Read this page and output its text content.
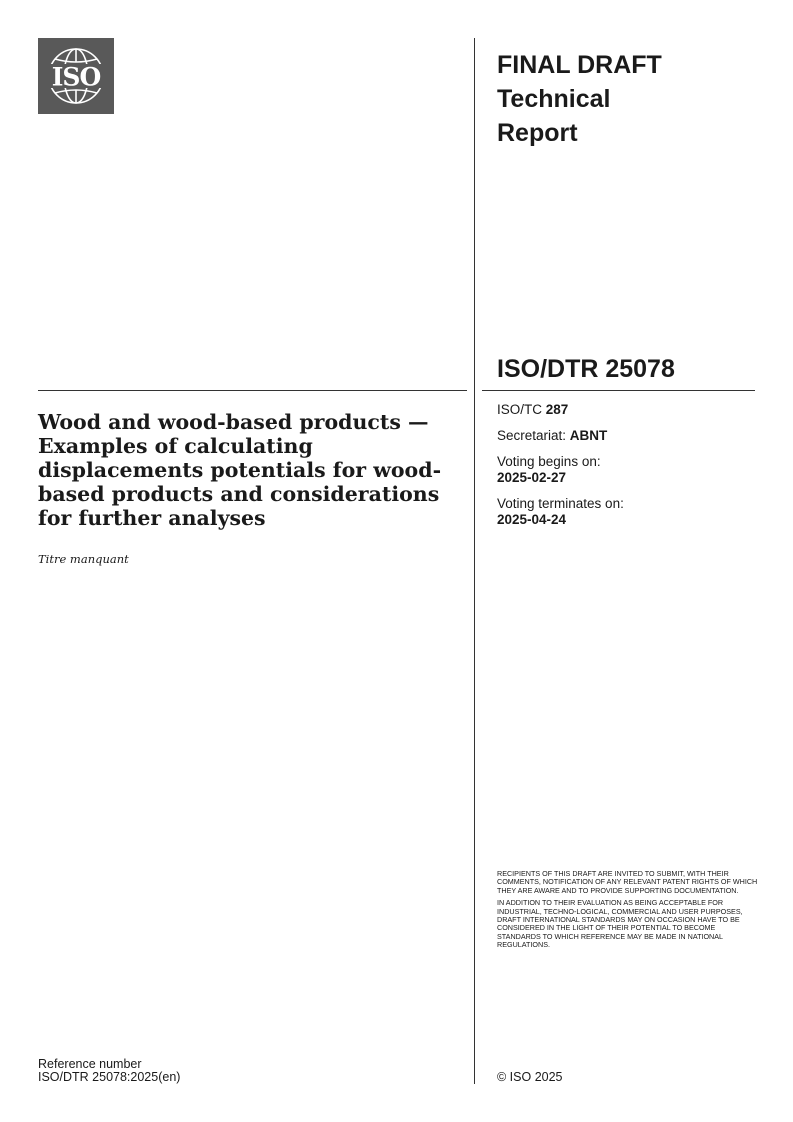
ISO	FINAL DRAFT
Technical Report
ISO/DTR 25078
ISO/TC 287
Secretariat: ABNT
Voting begins on:
2025-02-27
Voting terminates on:
2025-04-24
Wood and wood-based products — Examples of calculating displacements potentials for wood-based products and considerations for further analyses
Titre manquant

RECIPIENTS OF THIS DRAFT ARE INVITED TO SUBMIT, WITH THEIR COMMENTS, NOTIFICATION OF ANY RELEVANT PATENT RIGHTS OF WHICH THEY ARE AWARE AND TO PROVIDE SUPPORTING DOCUMENTATION.

IN ADDITION TO THEIR EVALUATION AS BEING ACCEPTABLE FOR INDUSTRIAL, TECHNO-LOGICAL, COMMERCIAL AND USER PURPOSES, DRAFT INTERNATIONAL STANDARDS MAY ON OCCASION HAVE TO BE CONSIDERED IN THE LIGHT OF THEIR POTENTIAL TO BECOME STANDARDS TO WHICH REFERENCE MAY BE MADE IN NATIONAL REGULATIONS.

Reference number
ISO/DTR 25078:2025(en)	© ISO 2025
